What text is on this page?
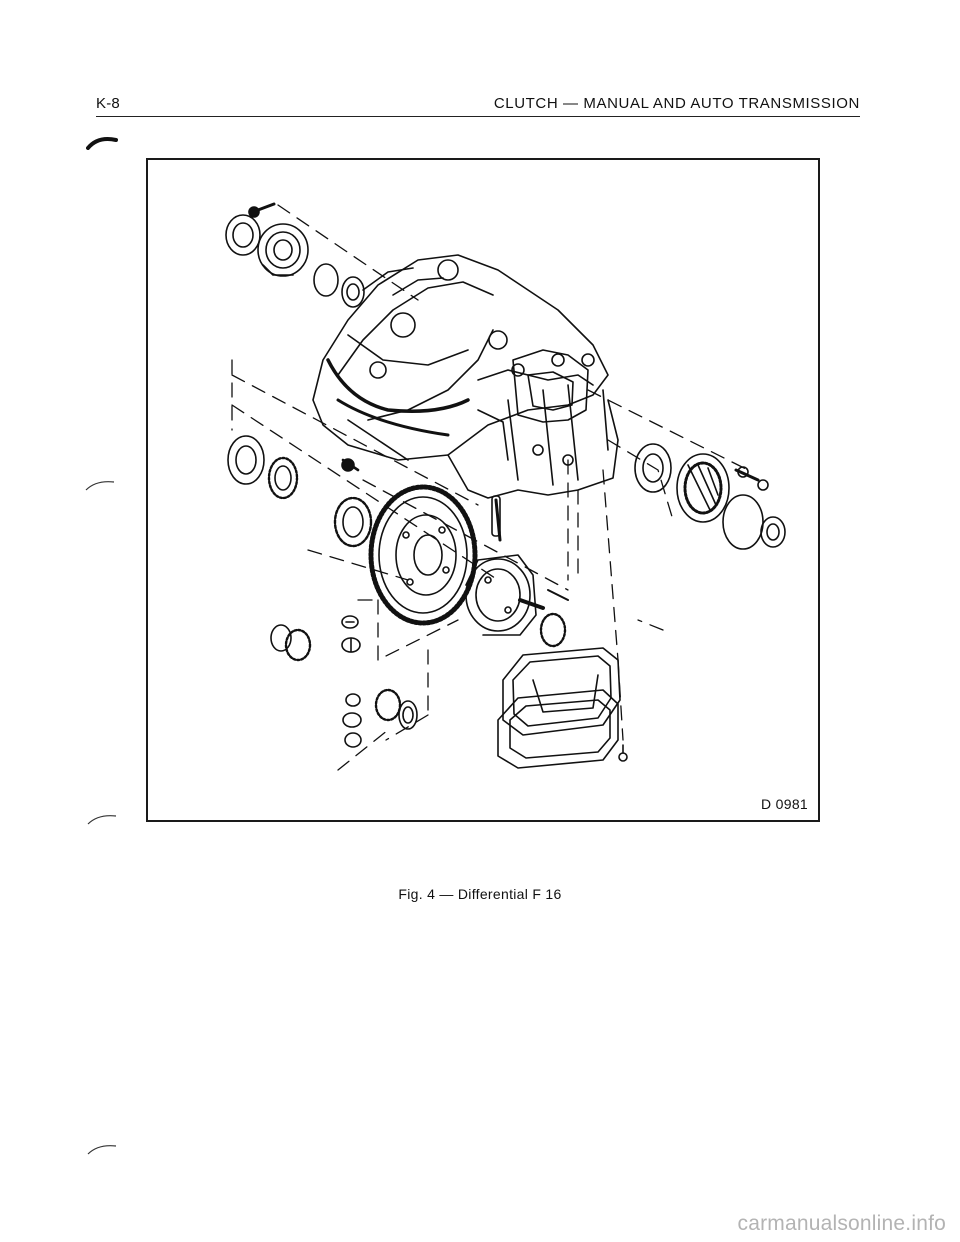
K-8	CLUTCH — MANUAL AND AUTO TRANSMISSION
D 0981
Fig. 4 — Differential F 16
carmanualsonline.info
